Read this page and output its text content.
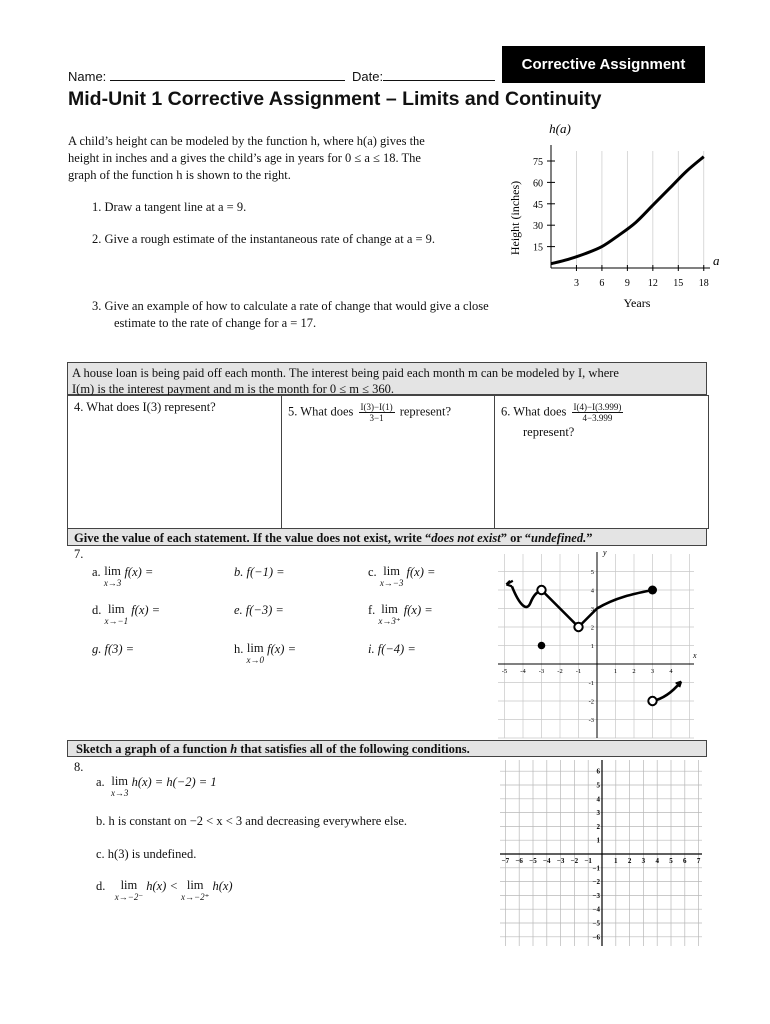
Corrective Assignment
Name:	Date:
Mid-Unit 1 Corrective Assignment – Limits and Continuity
A child’s height can be modeled by the function h, where h(a) gives the
height in inches and a gives the child’s age in years for 0 ≤ a ≤ 18. The
graph of the function h is shown to the right.
1. Draw a tangent line at a = 9.
2. Give a rough estimate of the instantaneous rate of change at a = 9.
3. Give an example of how to calculate a rate of change that would give a close
estimate to the rate of change for a = 17.
h(a)
Height (inches)
Years
a
15
30
45
60
75
3 6 9 12 15 18
A house loan is being paid off each month. The interest being paid each month m can be modeled by I, where
I(m) is the interest payment and m is the month for 0 ≤ m ≤ 360.
4. What does I(3) represent?	5. What does $\frac{I(3)-I(1)}{3-1}$ represent?	6. What does $\frac{I(4)-I(3.999)}{4-3.999}$
represent?
Give the value of each statement. If the value does not exist, write “does not exist” or “undefined.”
7.
a. lim
x→3
f(x) =	b. f(−1) =	c. lim
x→−3
f(x) =
d. lim
x→−1
f(x) =	e. f(−3) =	f. lim
x→3⁺
f(x) =
g. f(3) =	h. lim
x→0
f(x) =	i. f(−4) =
-5 -4 -3 -2 -1	1 2 3 4
5
4
3
2
1
-1
-2
-3
y
x
Sketch a graph of a function h that satisfies all of the following conditions.
8.
a. lim
x→3
h(x) = h(−2) = 1
b. h is constant on −2 < x < 3 and decreasing everywhere else.
c. h(3) is undefined.
d. lim
x→−2⁻
h(x) < lim
x→−2⁺
h(x)
−7 −6 −5 −4 −3 −2 −1	1 2 3 4 5 6 7
6
5
4
3
2
1
−1
−2
−3
−4
−5
−6
